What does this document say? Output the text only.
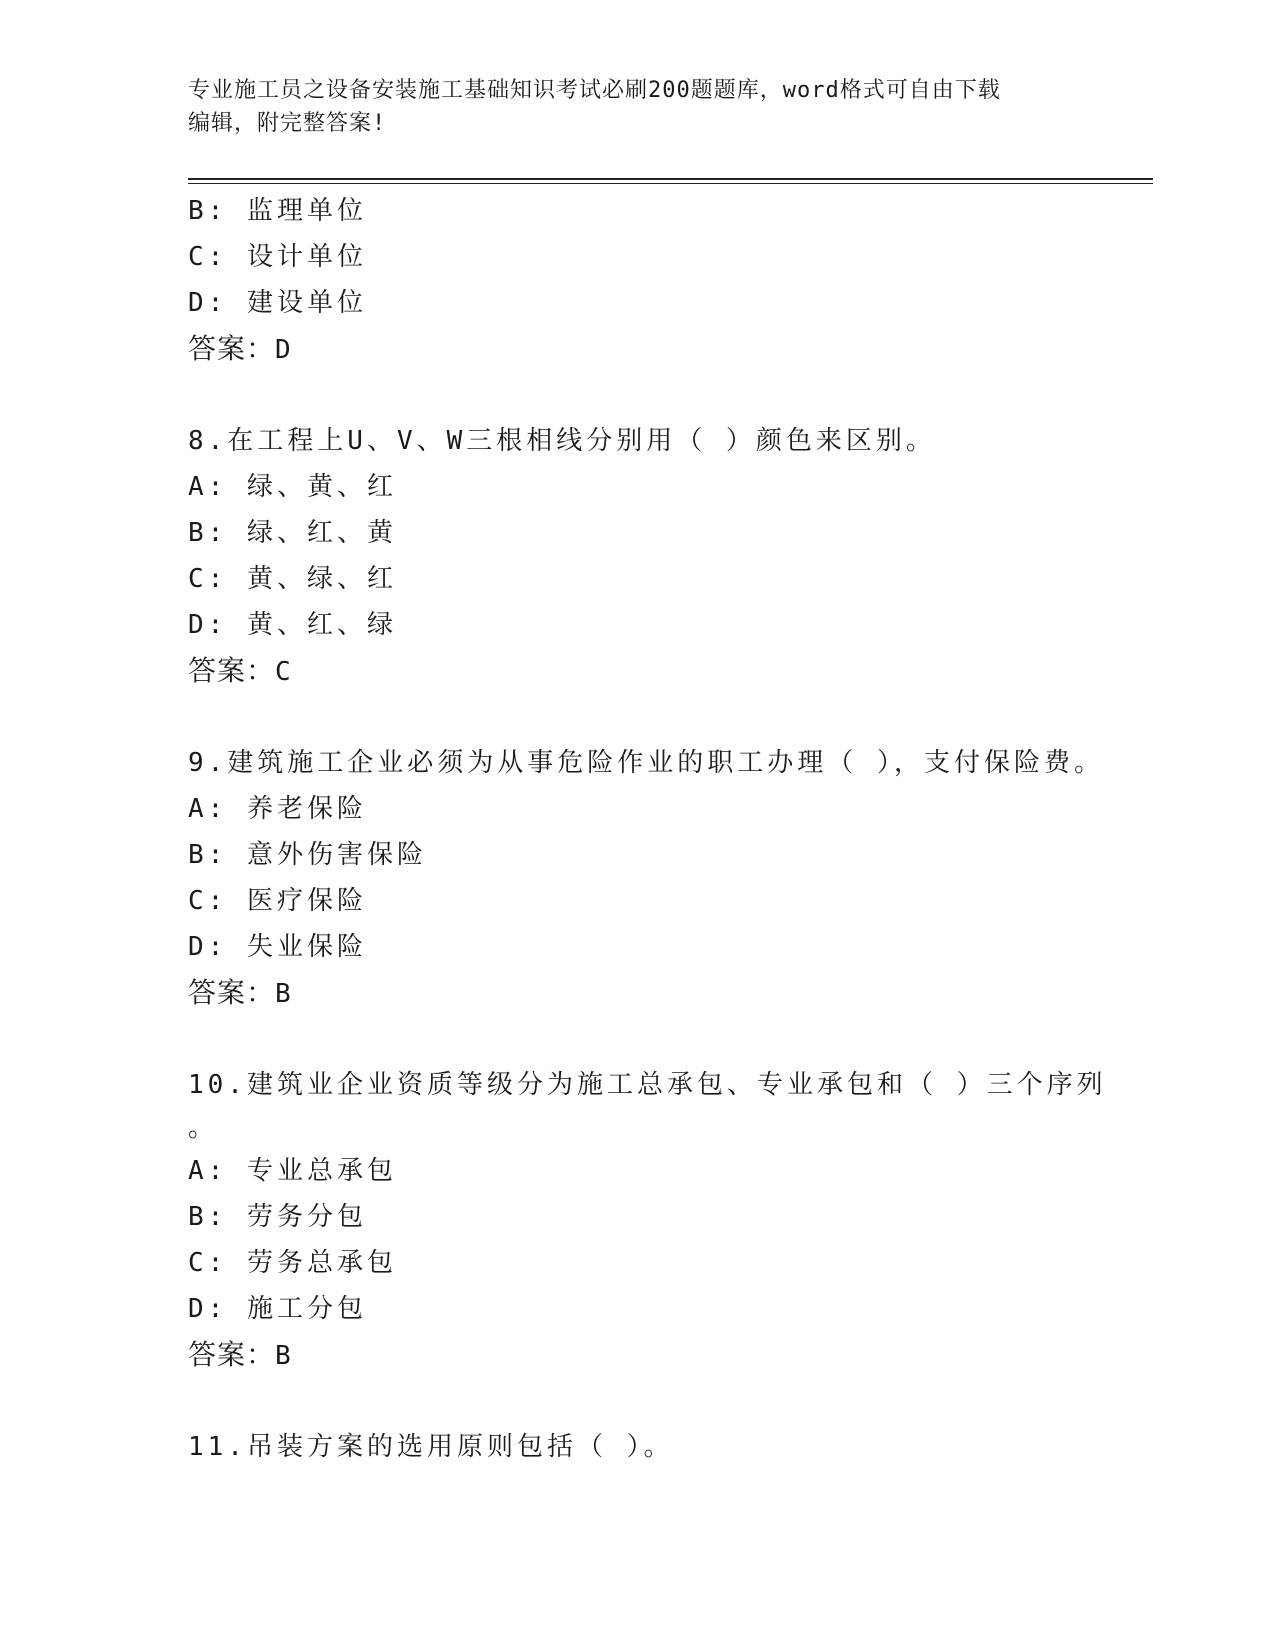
专业施工员之设备安装施工基础知识考试必刷200题题库，word格式可自由下载
编辑，附完整答案!
B: 监理单位
C: 设计单位
D: 建设单位
答案：D
8.在工程上U、V、W三根相线分别用（ ）颜色来区别。
A: 绿、黄、红
B: 绿、红、黄
C: 黄、绿、红
D: 黄、红、绿
答案：C
9.建筑施工企业必须为从事危险作业的职工办理（ ），支付保险费。
A: 养老保险
B: 意外伤害保险
C: 医疗保险
D: 失业保险
答案：B
10.建筑业企业资质等级分为施工总承包、专业承包和（ ）三个序列
。
A: 专业总承包
B: 劳务分包
C: 劳务总承包
D: 施工分包
答案：B
11.吊装方案的选用原则包括（ ）。
